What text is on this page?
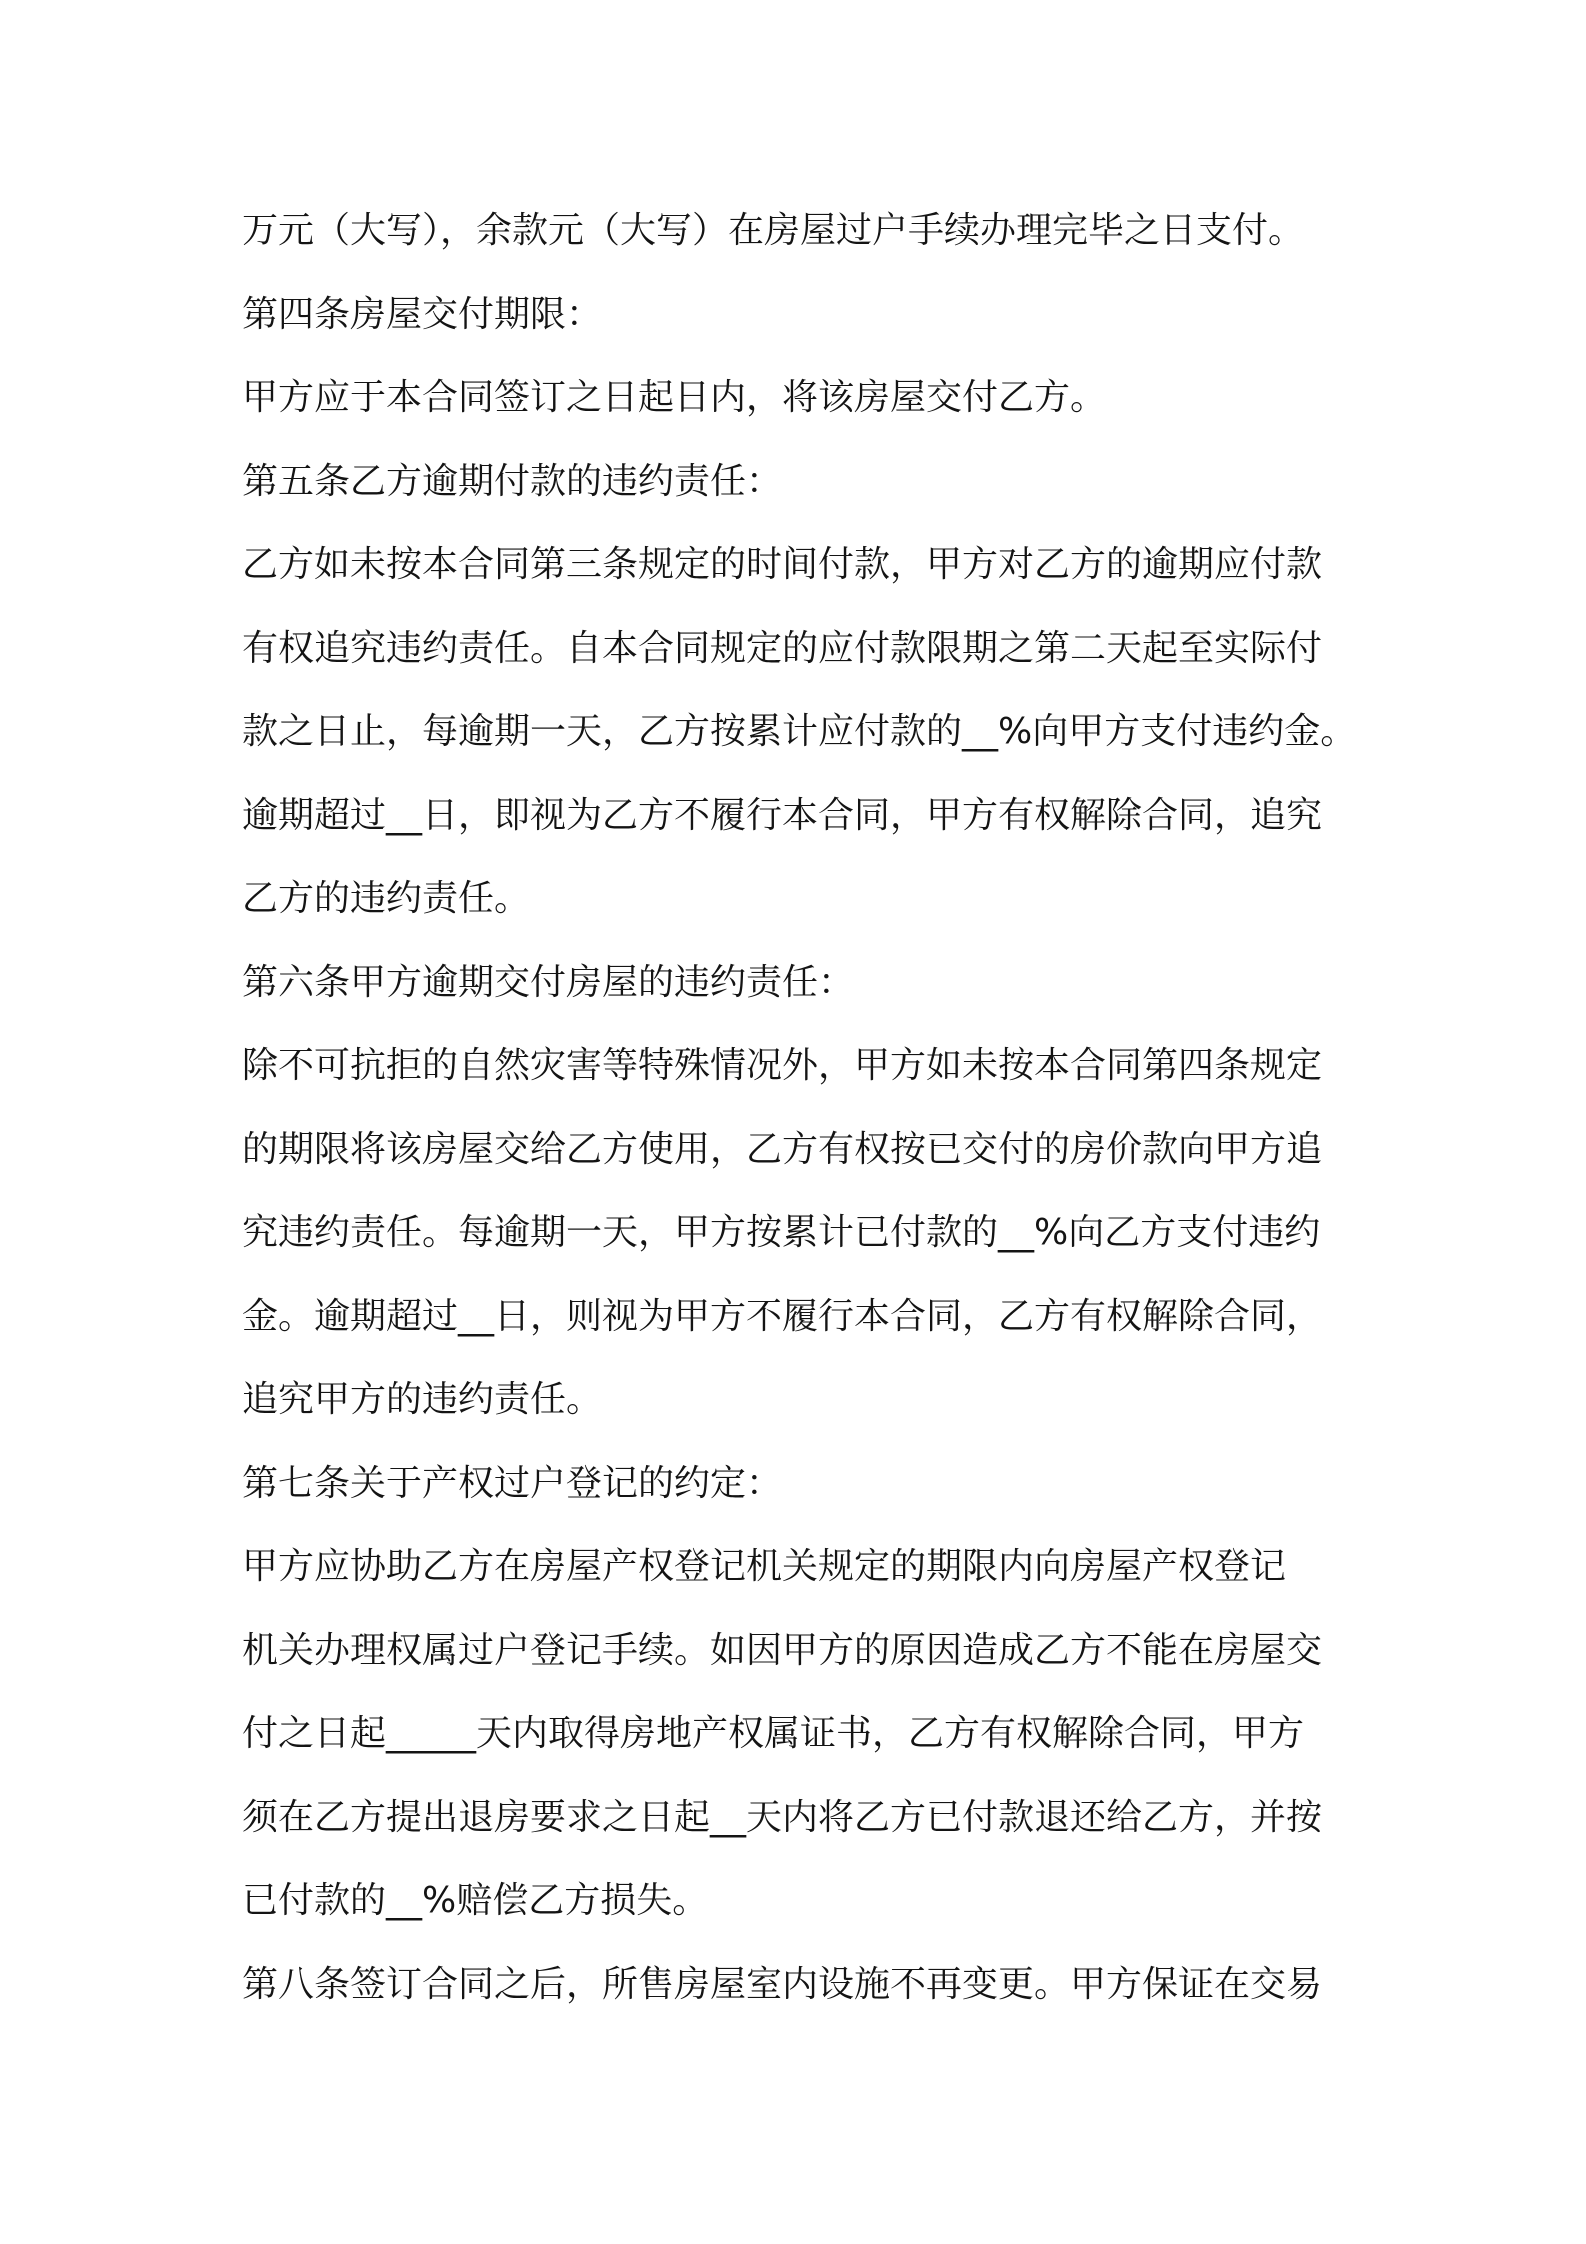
万元（大写），余款元（大写）在房屋过户手续办理完毕之日支付。
第四条房屋交付期限：
甲方应于本合同签订之日起日内，将该房屋交付乙方。
第五条乙方逾期付款的违约责任：
乙方如未按本合同第三条规定的时间付款，甲方对乙方的逾期应付款
有权追究违约责任。自本合同规定的应付款限期之第二天起至实际付
款之日止，每逾期一天，乙方按累计应付款的__%向甲方支付违约金。
逾期超过__日，即视为乙方不履行本合同，甲方有权解除合同，追究
乙方的违约责任。
第六条甲方逾期交付房屋的违约责任：
除不可抗拒的自然灾害等特殊情况外，甲方如未按本合同第四条规定
的期限将该房屋交给乙方使用，乙方有权按已交付的房价款向甲方追
究违约责任。每逾期一天，甲方按累计已付款的__%向乙方支付违约
金。逾期超过__日，则视为甲方不履行本合同，乙方有权解除合同，
追究甲方的违约责任。
第七条关于产权过户登记的约定：
甲方应协助乙方在房屋产权登记机关规定的期限内向房屋产权登记
机关办理权属过户登记手续。如因甲方的原因造成乙方不能在房屋交
付之日起_____天内取得房地产权属证书，乙方有权解除合同，甲方
须在乙方提出退房要求之日起__天内将乙方已付款退还给乙方，并按
已付款的__%赔偿乙方损失。
第八条签订合同之后，所售房屋室内设施不再变更。甲方保证在交易
